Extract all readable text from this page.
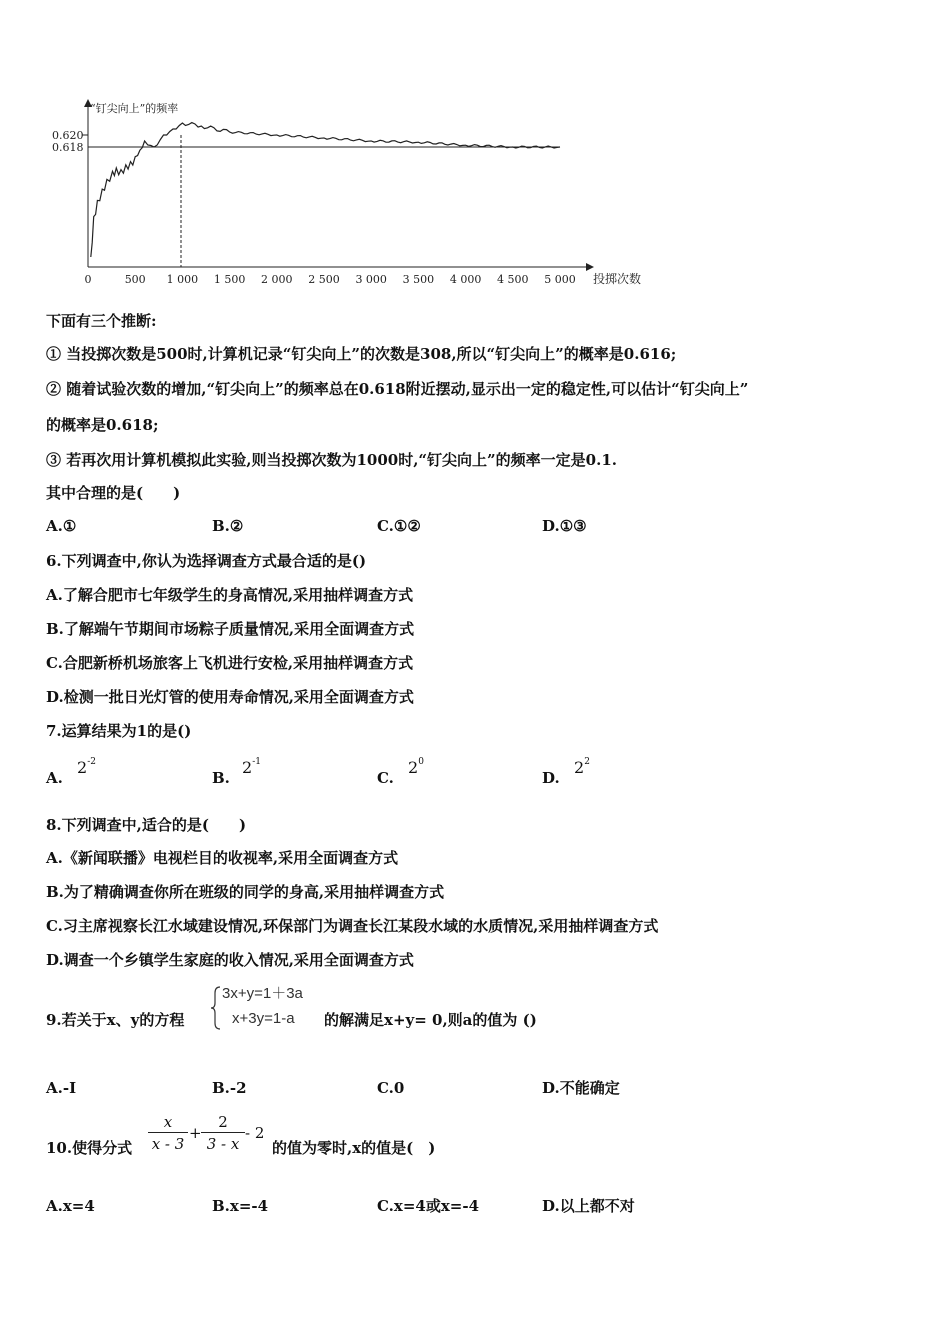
“钉尖向上”的频率
投掷次数
0.620
0.618
0	500 1 000 1 500 2 000 2 500 3 000 3 500 4 000 4 500 5 000
下面有三个推断:
① 当投掷次数是500时,计算机记录“钉尖向上”的次数是308,所以“钉尖向上”的概率是0.616;
② 随着试验次数的增加,“钉尖向上”的频率总在0.618附近摆动,显示出一定的稳定性,可以估计“钉尖向上”
的概率是0.618;
③ 若再次用计算机模拟此实验,则当投掷次数为1000时,“钉尖向上”的频率一定是0.1.
其中合理的是(　　)
A.①	B.②	C.①②	D.①③
6.下列调查中,你认为选择调查方式最合适的是()
A.了解合肥市七年级学生的身高情况,采用抽样调查方式
B.了解端午节期间市场粽子质量情况,采用全面调查方式
C.合肥新桥机场旅客上飞机进行安检,采用抽样调查方式
D.检测一批日光灯管的使用寿命情况,采用全面调查方式
7.运算结果为1的是()
A.
$2^{-2}$
B.
$2^{-1}$
C.
$2^0$
D.
$2^2$
8.下列调查中,适合的是(　　)
A.《新闻联播》电视栏目的收视率,采用全面调查方式
B.为了精确调查你所在班级的同学的身高,采用抽样调查方式
C.习主席视察长江水域建设情况,环保部门为调查长江某段水域的水质情况,采用抽样调查方式
D.调查一个乡镇学生家庭的收入情况,采用全面调查方式
9.若关于x、y的方程
3x+y=1＋3a
x+3y=1-a 的解满足x+y= 0,则a的值为 ()
A.-I	B.-2	C.0	D.不能确定
10.使得分式
x
x - 3
+
2
3 - x
- 2
的值为零时,x的值是(　)
A.x=4	B.x=-4	C.x=4或x=-4	D.以上都不对
